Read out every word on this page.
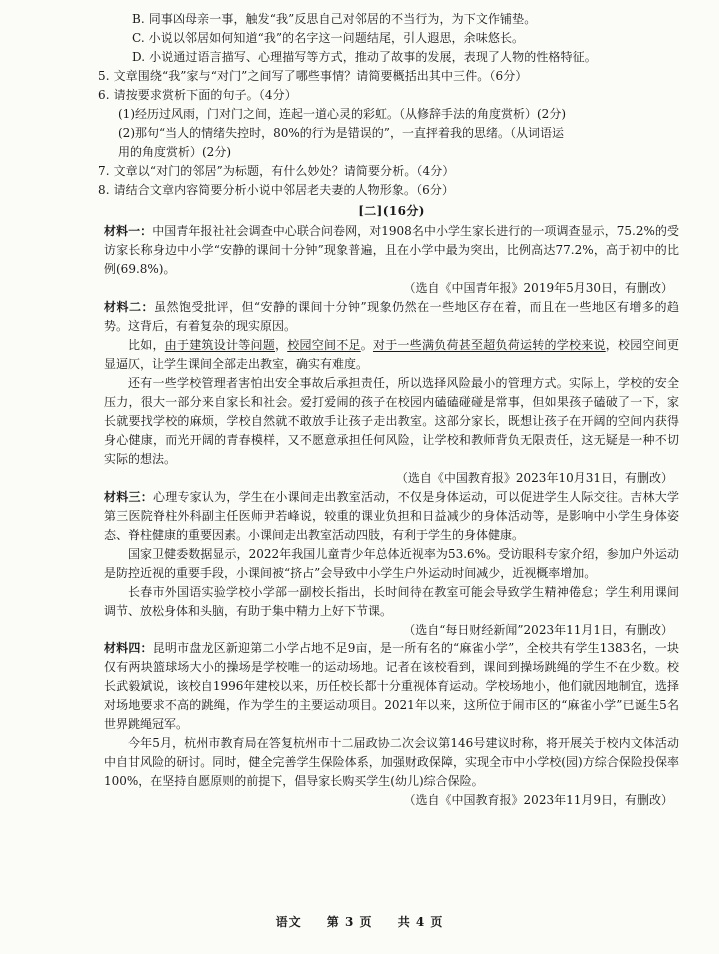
B. 同事凶母亲一事，触发“我”反思自己对邻居的不当行为，为下文作铺垫。

C. 小说以邻居如何知道“我”的名字这一问题结尾，引人遐思，余味悠长。

D. 小说通过语言描写、心理描写等方式，推动了故事的发展，表现了人物的性格特征。

5. 文章围绕“我”家与“对门”之间写了哪些事情？请简要概括出其中三件。（6分）

6. 请按要求赏析下面的句子。（4分）

(1)经历过风雨，门对门之间，连起一道心灵的彩虹。（从修辞手法的角度赏析）(2分)

(2)那句“当人的情绪失控时，80%的行为是错误的”，一直抨着我的思绪。（从词语运
用的角度赏析）(2分)

7. 文章以“对门的邻居”为标题，有什么妙处？请简要分析。（4分）

8. 请结合文章内容简要分析小说中邻居老夫妻的人物形象。（6分）

[二](16分)

材料一：中国青年报社社会调查中心联合问卷网，对1908名中小学生家长进行的一项调查显示，75.2%的受访家长称身边中小学“安静的课间十分钟”现象普遍，且在小学中最为突出，比例高达77.2%，高于初中的比例(69.8%)。

（选自《中国青年报》2019年5月30日，有删改）

材料二：虽然饱受批评，但“安静的课间十分钟”现象仍然在一些地区存在着，而且在一些地区有增多的趋势。这背后，有着复杂的现实原因。

比如，由于建筑设计等问题，校园空间不足。对于一些满负荷甚至超负荷运转的学校来说，校园空间更显逼仄，让学生课间全部走出教室，确实有难度。

还有一些学校管理者害怕出安全事故后承担责任，所以选择风险最小的管理方式。实际上，学校的安全压力，很大一部分来自家长和社会。爱打爱闹的孩子在校园内磕磕碰碰是常事，但如果孩子磕破了一下，家长就要找学校的麻烦，学校自然就不敢放手让孩子走出教室。这部分家长，既想让孩子在开阔的空间内获得身心健康，而光开阔的青春模样，又不愿意承担任何风险，让学校和教师背负无限责任，这无疑是一种不切实际的想法。

（选自《中国教育报》2023年10月31日，有删改）

材料三：心理专家认为，学生在小课间走出教室活动，不仅是身体运动，可以促进学生人际交往。吉林大学第三医院脊柱外科副主任医师尹若峰说，较重的课业负担和日益减少的身体活动等，是影响中小学生身体姿态、脊柱健康的重要因素。小课间走出教室活动四肢，有利于学生的身体健康。

国家卫健委数据显示，2022年我国儿童青少年总体近视率为53.6%。受访眼科专家介绍，参加户外运动是防控近视的重要手段，小课间被“挤占”会导致中小学生户外运动时间减少，近视概率增加。

长春市外国语实验学校小学部一副校长指出，长时间待在教室可能会导致学生精神倦怠；学生利用课间调节、放松身体和头脑，有助于集中精力上好下节课。

（选自“每日财经新闻”2023年11月1日，有删改）

材料四：昆明市盘龙区新迎第二小学占地不足9亩，是一所有名的“麻雀小学”，全校共有学生1383名，一块仅有两块篮球场大小的操场是学校唯一的运动场地。记者在该校看到，课间到操场跳绳的学生不在少数。校长武毅斌说，该校自1996年建校以来，历任校长都十分重视体育运动。学校场地小，他们就因地制宜，选择对场地要求不高的跳绳，作为学生的主要运动项目。2021年以来，这所位于闹市区的“麻雀小学”已诞生5名世界跳绳冠军。

今年5月，杭州市教育局在答复杭州市十二届政协二次会议第146号建议时称，将开展关于校内文体活动中自甘风险的研讨。同时，健全完善学生保险体系，加强财政保障，实现全市中小学校(园)方综合保险投保率100%，在坚持自愿原则的前提下，倡导家长购买学生(幼儿)综合保险。

（选自《中国教育报》2023年11月9日，有删改）

语文 第 3 页 共 4 页
